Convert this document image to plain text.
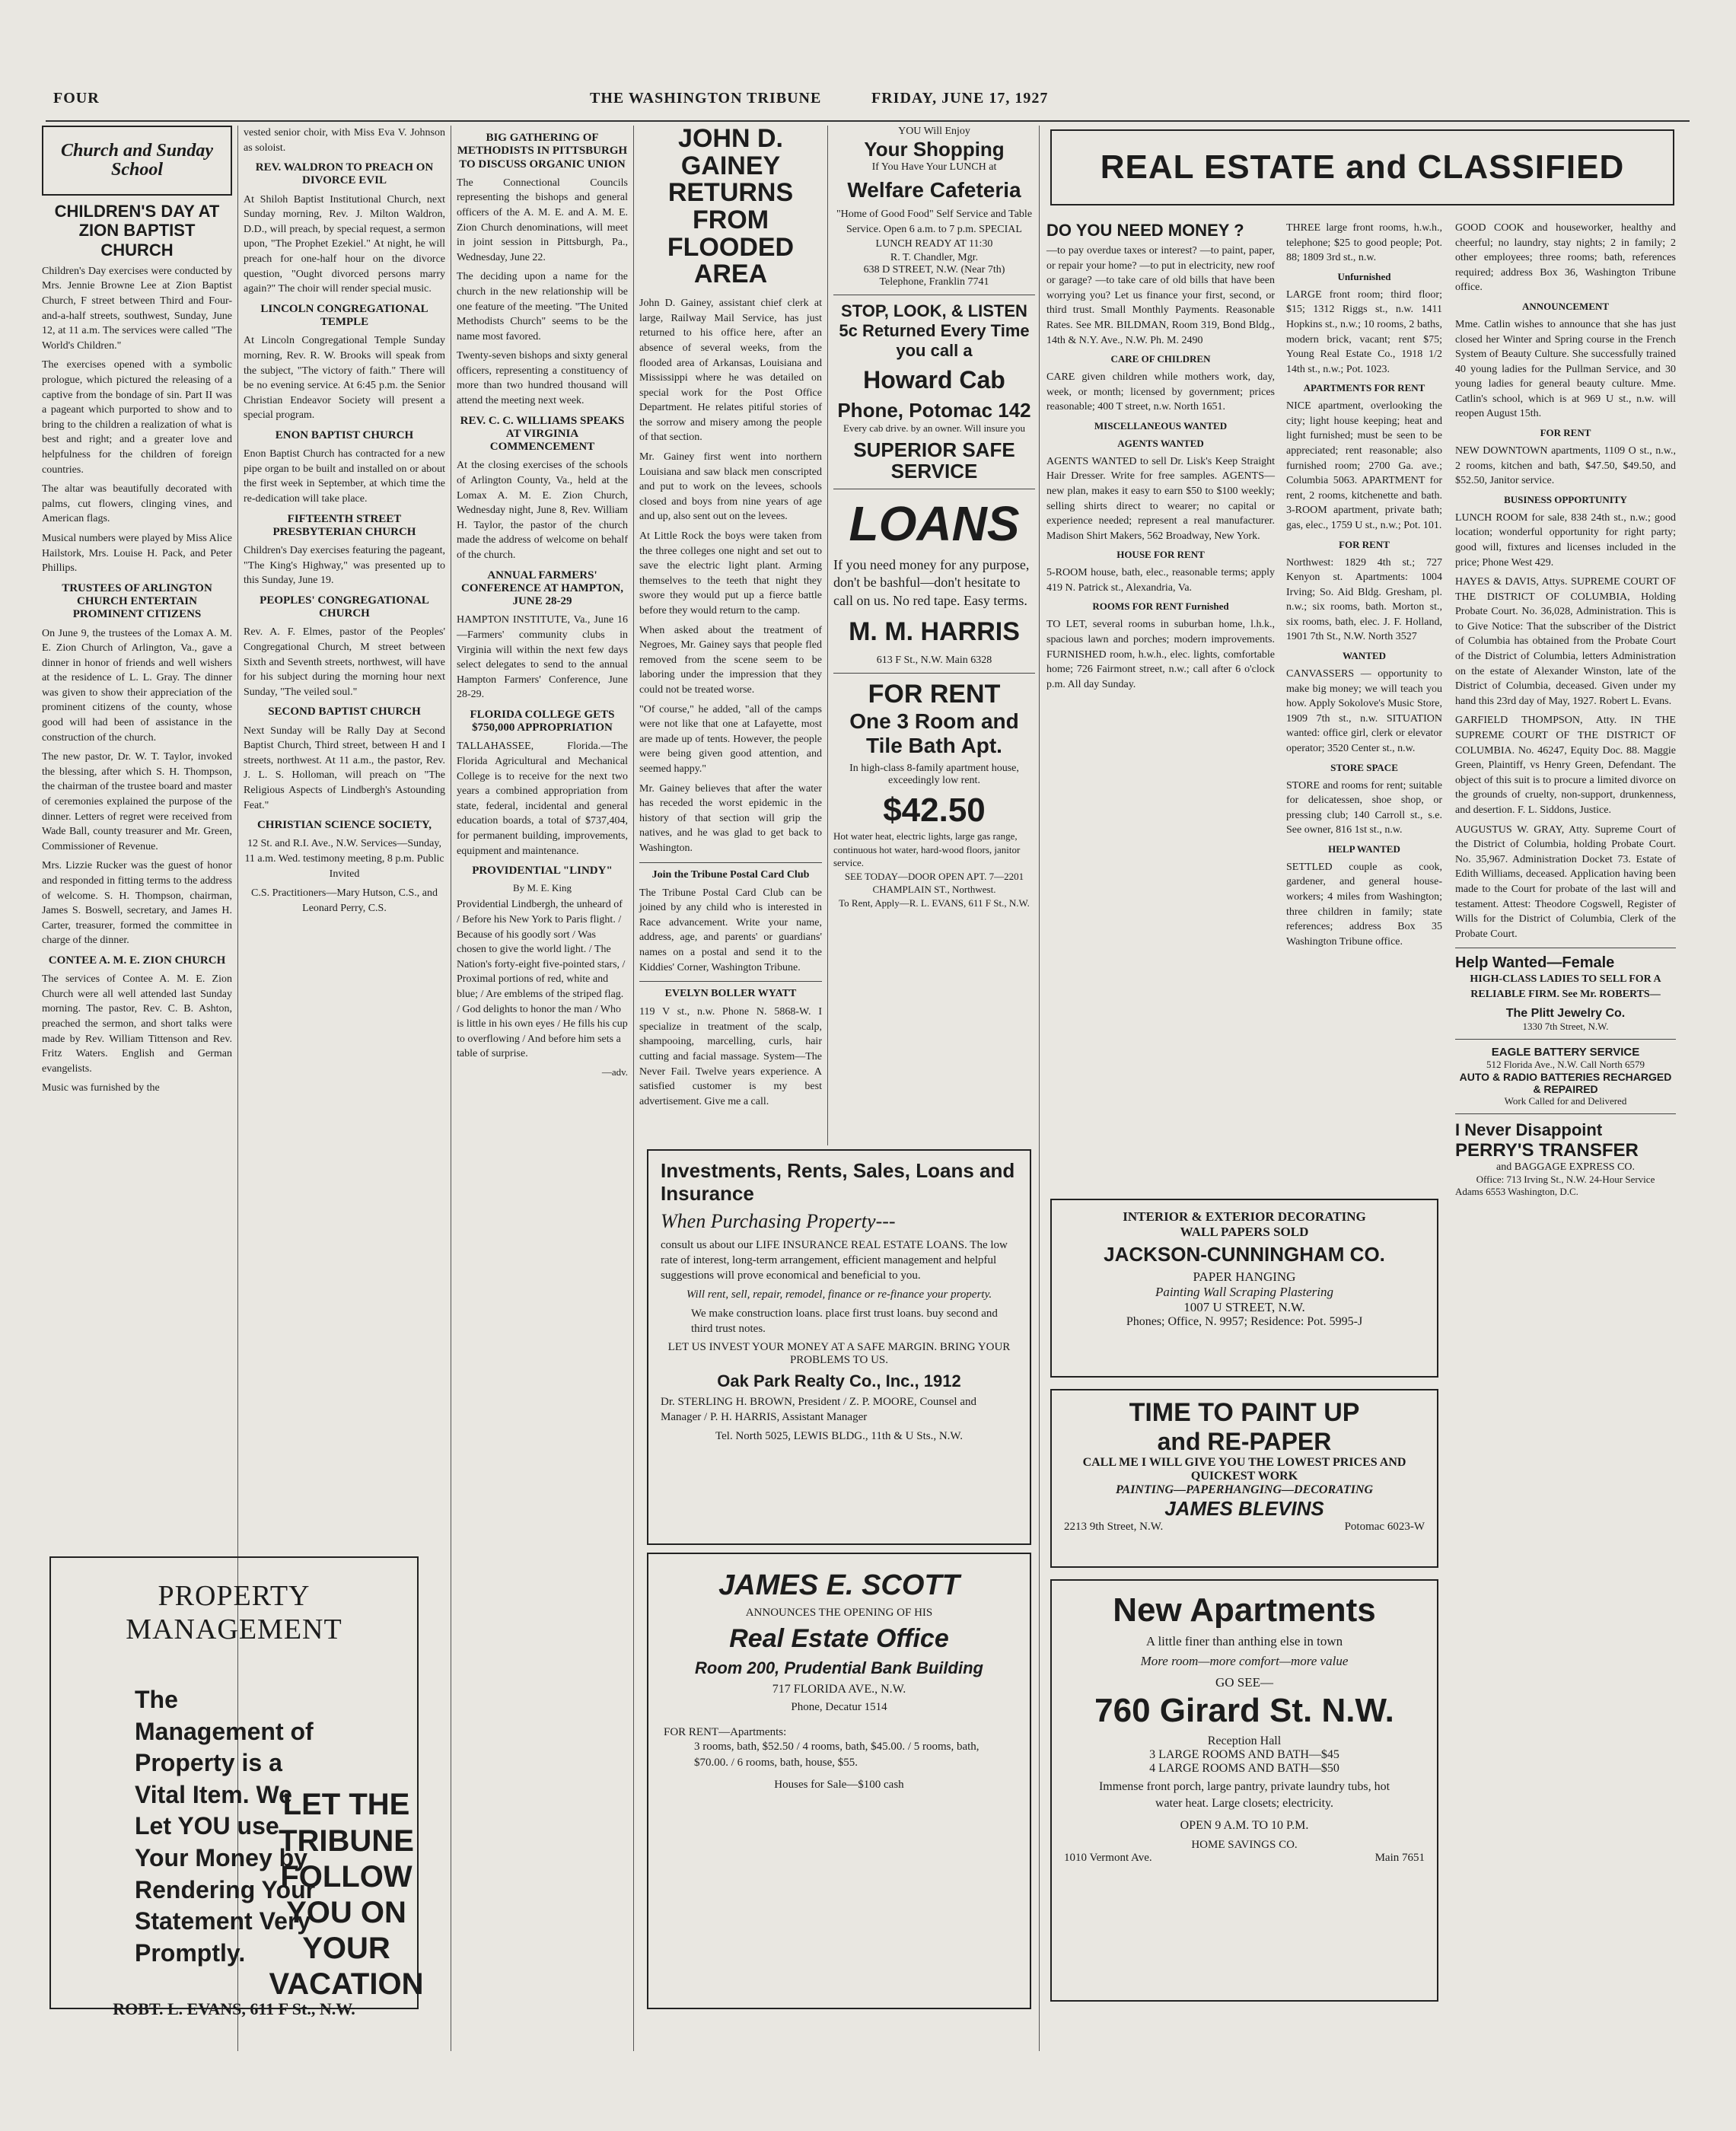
FOUR	THE WASHINGTON TRIBUNE	FRIDAY, JUNE 17, 1927
Church and Sunday School
CHILDREN'S DAY AT ZION BAPTIST CHURCH

Children's Day exercises were conducted by Mrs. Jennie Browne Lee at Zion Baptist Church, F street between Third and Four-and-a-half streets, southwest, Sunday, June 12, at 11 a.m. The services were called "The World's Children."

The exercises opened with a symbolic prologue, which pictured the releasing of a captive from the bondage of sin. Part II was a pageant which purported to show and to bring to the children a realization of what is best and right; and a greater love and helpfulness for the children of foreign countries.

The altar was beautifully decorated with palms, cut flowers, clinging vines, and American flags.

Musical numbers were played by Miss Alice Hailstork, Mrs. Louise H. Pack, and Peter Phillips.

TRUSTEES OF ARLINGTON CHURCH ENTERTAIN PROMINENT CITIZENS

On June 9, the trustees of the Lomax A. M. E. Zion Church of Arlington, Va., gave a dinner in honor of friends and well wishers at the residence of L. L. Gray. The dinner was given to show their appreciation of the prominent citizens of the county, whose good will had been of assistance in the construction of the church.

The new pastor, Dr. W. T. Taylor, invoked the blessing, after which S. H. Thompson, the chairman of the trustee board and master of ceremonies explained the purpose of the dinner. Letters of regret were received from Wade Ball, county treasurer and Mr. Green, Commissioner of Revenue.

Mrs. Lizzie Rucker was the guest of honor and responded in fitting terms to the address of welcome. S. H. Thompson, chairman, James S. Boswell, secretary, and James H. Carter, treasurer, formed the committee in charge of the dinner.

CONTEE A. M. E. ZION CHURCH

The services of Contee A. M. E. Zion Church were all well attended last Sunday morning. The pastor, Rev. C. B. Ashton, preached the sermon, and short talks were made by Rev. William Tittenson and Rev. Fritz Waters. English and German evangelists.

Music was furnished by the

PROPERTY
MANAGEMENT
The Management of Property is a Vital Item. We Let YOU use Your Money by Rendering Your Statement Very Promptly.
ROBT. L. EVANS, 611 F St., N.W.

vested senior choir, with Miss Eva V. Johnson as soloist.

REV. WALDRON TO PREACH ON DIVORCE EVIL

At Shiloh Baptist Institutional Church, next Sunday morning, Rev. J. Milton Waldron, D.D., will preach, by special request, a sermon upon, "The Prophet Ezekiel." At night, he will preach for one-half hour on the divorce question, "Ought divorced persons marry again?" The choir will render special music.

LINCOLN CONGREGATIONAL TEMPLE

At Lincoln Congregational Temple Sunday morning, Rev. R. W. Brooks will speak from the subject, "The victory of faith." There will be no evening service. At 6:45 p.m. the Senior Christian Endeavor Society will present a special program.

ENON BAPTIST CHURCH

Enon Baptist Church has contracted for a new pipe organ to be built and installed on or about the first week in September, at which time the re-dedication will take place.

FIFTEENTH STREET PRESBYTERIAN CHURCH

Children's Day exercises featuring the pageant, "The King's Highway," was presented up to this Sunday, June 19.

PEOPLES' CONGREGATIONAL CHURCH

Rev. A. F. Elmes, pastor of the Peoples' Congregational Church, M street between Sixth and Seventh streets, northwest, will have for his subject during the morning hour next Sunday, "The veiled soul."

SECOND BAPTIST CHURCH

Next Sunday will be Rally Day at Second Baptist Church, Third street, between H and I streets, northwest. At 11 a.m., the pastor, Rev. J. L. S. Holloman, will preach on "The Religious Aspects of Lindbergh's Astounding Feat."

CHRISTIAN SCIENCE SOCIETY,

12 St. and R.I. Ave., N.W. Services—Sunday, 11 a.m. Wed. testimony meeting, 8 p.m. Public Invited

C.S. Practitioners—Mary Hutson, C.S., and Leonard Perry, C.S.

BIG GATHERING OF METHODISTS IN PITTSBURGH TO DISCUSS ORGANIC UNION

The Connectional Councils representing the bishops and general officers of the A. M. E. and A. M. E. Zion Church denominations, will meet in joint session in Pittsburgh, Pa., Wednesday, June 22.

The deciding upon a name for the church in the new relationship will be one feature of the meeting. "The United Methodists Church" seems to be the name most favored.

Twenty-seven bishops and sixty general officers, representing a constituency of more than two hundred thousand will attend the meeting next week.

REV. C. C. WILLIAMS SPEAKS AT VIRGINIA COMMENCEMENT

At the closing exercises of the schools of Arlington County, Va., held at the Lomax A. M. E. Zion Church, Wednesday night, June 8, Rev. William H. Taylor, the pastor of the church made the address of welcome on behalf of the church.

ANNUAL FARMERS' CONFERENCE AT HAMPTON, JUNE 28-29

HAMPTON INSTITUTE, Va., June 16—Farmers' community clubs in Virginia will within the next few days select delegates to send to the annual Hampton Farmers' Conference, June 28-29.

FLORIDA COLLEGE GETS $750,000 APPROPRIATION

TALLAHASSEE, Florida.—The Florida Agricultural and Mechanical College is to receive for the next two years a combined appropriation from state, federal, incidental and general education boards, a total of $737,404, for permanent building, improvements, equipment and maintenance.

PROVIDENTIAL "LINDY"
By M. E. King

Providential Lindbergh, the unheard of / Before his New York to Paris flight. / Because of his goodly sort / Was chosen to give the world light. / The Nation's forty-eight five-pointed stars, / Proximal portions of red, white and blue; / Are emblems of the striped flag. / God delights to honor the man / Who is little in his own eyes / He fills his cup to overflowing / And before him sets a table of surprise.

—adv.
LET THE TRIBUNE FOLLOW YOU ON YOUR VACATION
JOHN D. GAINEY RETURNS FROM FLOODED AREA

John D. Gainey, assistant chief clerk at large, Railway Mail Service, has just returned to his office here, after an absence of several weeks, from the flooded area of Arkansas, Louisiana and Mississippi where he was detailed on special work for the Post Office Department. He relates pitiful stories of the sorrow and misery among the people of that section.

Mr. Gainey first went into northern Louisiana and saw black men conscripted and put to work on the levees, schools closed and boys from nine years of age and up, also sent out on the levees.

At Little Rock the boys were taken from the three colleges one night and set out to save the electric light plant. Arming themselves to the teeth that night they swore they would put up a fierce battle before they would return to the camp.

When asked about the treatment of Negroes, Mr. Gainey says that people fled removed from the scene seem to be laboring under the impression that they could not be treated worse.

"Of course," he added, "all of the camps were not like that one at Lafayette, most are made up of tents. However, the people were being given good attention, and seemed happy."

Mr. Gainey believes that after the water has receded the worst epidemic in the history of that section will grip the natives, and he was glad to get back to Washington.

Join the Tribune Postal Card Club

The Tribune Postal Card Club can be joined by any child who is interested in Race advancement. Write your name, address, age, and parents' or guardians' names on a postal and send it to the Kiddies' Corner, Washington Tribune.

EVELYN BOLLER WYATT

119 V st., n.w. Phone N. 5868-W. I specialize in treatment of the scalp, shampooing, marcelling, curls, hair cutting and facial massage. System—The Never Fail. Twelve years experience. A satisfied customer is my best advertisement. Give me a call.

YOU Will Enjoy
Your Shopping
If You Have Your LUNCH at
Welfare Cafeteria
"Home of Good Food" Self Service and Table Service. Open 6 a.m. to 7 p.m. SPECIAL LUNCH READY AT 11:30
R. T. Chandler, Mgr.
638 D STREET, N.W. (Near 7th)
Telephone, Franklin 7741
STOP, LOOK, & LISTEN
5c Returned Every Time you call a
Howard Cab
Phone, Potomac 142
Every cab drive. by an owner. Will insure you
SUPERIOR SAFE SERVICE
LOANS
If you need money for any purpose, don't be bashful—don't hesitate to call on us. No red tape. Easy terms.
M. M. HARRIS
613 F St., N.W. Main 6328
FOR RENT
One 3 Room and Tile Bath Apt.
In high-class 8-family apartment house, exceedingly low rent.
$42.50
Hot water heat, electric lights, large gas range, continuous hot water, hard-wood floors, janitor service.
SEE TODAY—DOOR OPEN APT. 7—2201 CHAMPLAIN ST., Northwest.
To Rent, Apply—R. L. EVANS, 611 F St., N.W.
Investments, Rents, Sales, Loans and Insurance
When Purchasing Property---
consult us about our LIFE INSURANCE REAL ESTATE LOANS. The low rate of interest, long-term arrangement, efficient management and helpful suggestions will prove economical and beneficial to you.
Will rent, sell, repair, remodel, finance or re-finance your property.
We make construction loans. place first trust loans. buy second and third trust notes.
LET US INVEST YOUR MONEY AT A SAFE MARGIN. BRING YOUR PROBLEMS TO US.
Oak Park Realty Co., Inc., 1912
Dr. STERLING H. BROWN, President / Z. P. MOORE, Counsel and Manager / P. H. HARRIS, Assistant Manager
Tel. North 5025, LEWIS BLDG., 11th & U Sts., N.W.
JAMES E. SCOTT
ANNOUNCES THE OPENING OF HIS
Real Estate Office
Room 200, Prudential Bank Building
717 FLORIDA AVE., N.W.
Phone, Decatur 1514
FOR RENT—Apartments:
3 rooms, bath, $52.50 / 4 rooms, bath, $45.00. / 5 rooms, bath, $70.00. / 6 rooms, bath, house, $55.
Houses for Sale—$100 cash
REAL ESTATE and CLASSIFIED
DO YOU NEED MONEY ?

—to pay overdue taxes or interest? —to paint, paper, or repair your home? —to put in electricity, new roof or garage? —to take care of old bills that have been worrying you? Let us finance your first, second, or third trust. Small Monthly Payments. Reasonable Rates. See MR. BILDMAN, Room 319, Bond Bldg., 14th & N.Y. Ave., N.W. Ph. M. 2490

CARE OF CHILDREN

CARE given children while mothers work, day, week, or month; licensed by government; prices reasonable; 400 T street, n.w. North 1651.

MISCELLANEOUS WANTED
AGENTS WANTED

AGENTS WANTED to sell Dr. Lisk's Keep Straight Hair Dresser. Write for free samples. AGENTS—new plan, makes it easy to earn $50 to $100 weekly; selling shirts direct to wearer; no capital or experience needed; represent a real manufacturer. Madison Shirt Makers, 562 Broadway, New York.

HOUSE FOR RENT

5-ROOM house, bath, elec., reasonable terms; apply 419 N. Patrick st., Alexandria, Va.

ROOMS FOR RENT Furnished

TO LET, several rooms in suburban home, l.h.k., spacious lawn and porches; modern improvements. FURNISHED room, h.w.h., elec. lights, comfortable home; 726 Fairmont street, n.w.; call after 6 o'clock p.m. All day Sunday.

THREE large front rooms, h.w.h., telephone; $25 to good people; Pot. 88; 1809 3rd st., n.w.

Unfurnished

LARGE front room; third floor; $15; 1312 Riggs st., n.w. 1411 Hopkins st., n.w.; 10 rooms, 2 baths, modern brick, vacant; rent $75; Young Real Estate Co., 1918 1/2 14th st., n.w.; Pot. 1023.

APARTMENTS FOR RENT

NICE apartment, overlooking the city; light house keeping; heat and light furnished; must be seen to be appreciated; rent reasonable; also furnished room; 2700 Ga. ave.; Columbia 5063. APARTMENT for rent, 2 rooms, kitchenette and bath. 3-ROOM apartment, private bath; gas, elec., 1759 U st., n.w.; Pot. 101.

FOR RENT

Northwest: 1829 4th st.; 727 Kenyon st. Apartments: 1004 Irving; So. Aid Bldg. Gresham, pl. n.w.; six rooms, bath. Morton st., six rooms, bath, elec. J. F. Holland, 1901 7th St., N.W. North 3527

WANTED

CANVASSERS — opportunity to make big money; we will teach you how. Apply Sokolove's Music Store, 1909 7th st., n.w. SITUATION wanted: office girl, clerk or elevator operator; 3520 Center st., n.w.

STORE SPACE

STORE and rooms for rent; suitable for delicatessen, shoe shop, or pressing club; 140 Carroll st., s.e. See owner, 816 1st st., n.w.

HELP WANTED

SETTLED couple as cook, gardener, and general house-workers; 4 miles from Washington; three children in family; state references; address Box 35 Washington Tribune office.

GOOD COOK and houseworker, healthy and cheerful; no laundry, stay nights; 2 in family; 2 other employees; three rooms; bath, references required; address Box 36, Washington Tribune office.

ANNOUNCEMENT

Mme. Catlin wishes to announce that she has just closed her Winter and Spring course in the French System of Beauty Culture. She successfully trained 40 young ladies for the Pullman Service, and 30 young ladies for general beauty culture. Mme. Catlin's school, which is at 969 U st., n.w. will reopen August 15th.

FOR RENT

NEW DOWNTOWN apartments, 1109 O st., n.w., 2 rooms, kitchen and bath, $47.50, $49.50, and $52.50, Janitor service.

BUSINESS OPPORTUNITY

LUNCH ROOM for sale, 838 24th st., n.w.; good location; wonderful opportunity for right party; good will, fixtures and licenses included in the price; Phone West 429.

HAYES & DAVIS, Attys. SUPREME COURT OF THE DISTRICT OF COLUMBIA, Holding Probate Court. No. 36,028, Administration. This is to Give Notice: That the subscriber of the District of Columbia has obtained from the Probate Court of the District of Columbia, letters Administration on the estate of Alexander Winston, late of the District of Columbia, deceased. Given under my hand this 23rd day of May, 1927. Robert L. Evans.

GARFIELD THOMPSON, Atty. IN THE SUPREME COURT OF THE DISTRICT OF COLUMBIA. No. 46247, Equity Doc. 88. Maggie Green, Plaintiff, vs Henry Green, Defendant. The object of this suit is to procure a limited divorce on the grounds of cruelty, non-support, drunkenness, and desertion. F. L. Siddons, Justice.

AUGUSTUS W. GRAY, Atty. Supreme Court of the District of Columbia, holding Probate Court. No. 35,967. Administration Docket 73. Estate of Edith Williams, deceased. Application having been made to the Court for probate of the last will and testament. Attest: Theodore Cogswell, Register of Wills for the District of Columbia, Clerk of the Probate Court.

Help Wanted—Female

HIGH-CLASS LADIES TO SELL FOR A RELIABLE FIRM. See Mr. ROBERTS—

The Plitt Jewelry Co.
1330 7th Street, N.W.
EAGLE BATTERY SERVICE
512 Florida Ave., N.W. Call North 6579
AUTO & RADIO BATTERIES RECHARGED & REPAIRED
Work Called for and Delivered
I Never Disappoint
PERRY'S TRANSFER
and BAGGAGE EXPRESS CO.
Office: 713 Irving St., N.W. 24-Hour Service
Adams 6553 Washington, D.C.
INTERIOR & EXTERIOR DECORATING
WALL PAPERS SOLD
JACKSON-CUNNINGHAM CO.
PAPER HANGING
Painting Wall Scraping Plastering
1007 U STREET, N.W.
Phones; Office, N. 9957; Residence: Pot. 5995-J
TIME TO PAINT UP
and RE-PAPER
CALL ME I WILL GIVE YOU THE LOWEST PRICES AND QUICKEST WORK
PAINTING—PAPERHANGING—DECORATING
JAMES BLEVINS
2213 9th Street, N.W.	Potomac 6023-W
New Apartments
A little finer than anthing else in town
More room—more comfort—more value
GO SEE—
760 Girard St. N.W.
Reception Hall
3 LARGE ROOMS AND BATH—$45
4 LARGE ROOMS AND BATH—$50
Immense front porch, large pantry, private laundry tubs, hot water heat. Large closets; electricity.
OPEN 9 A.M. TO 10 P.M.
HOME SAVINGS CO.
1010 Vermont Ave.	Main 7651
